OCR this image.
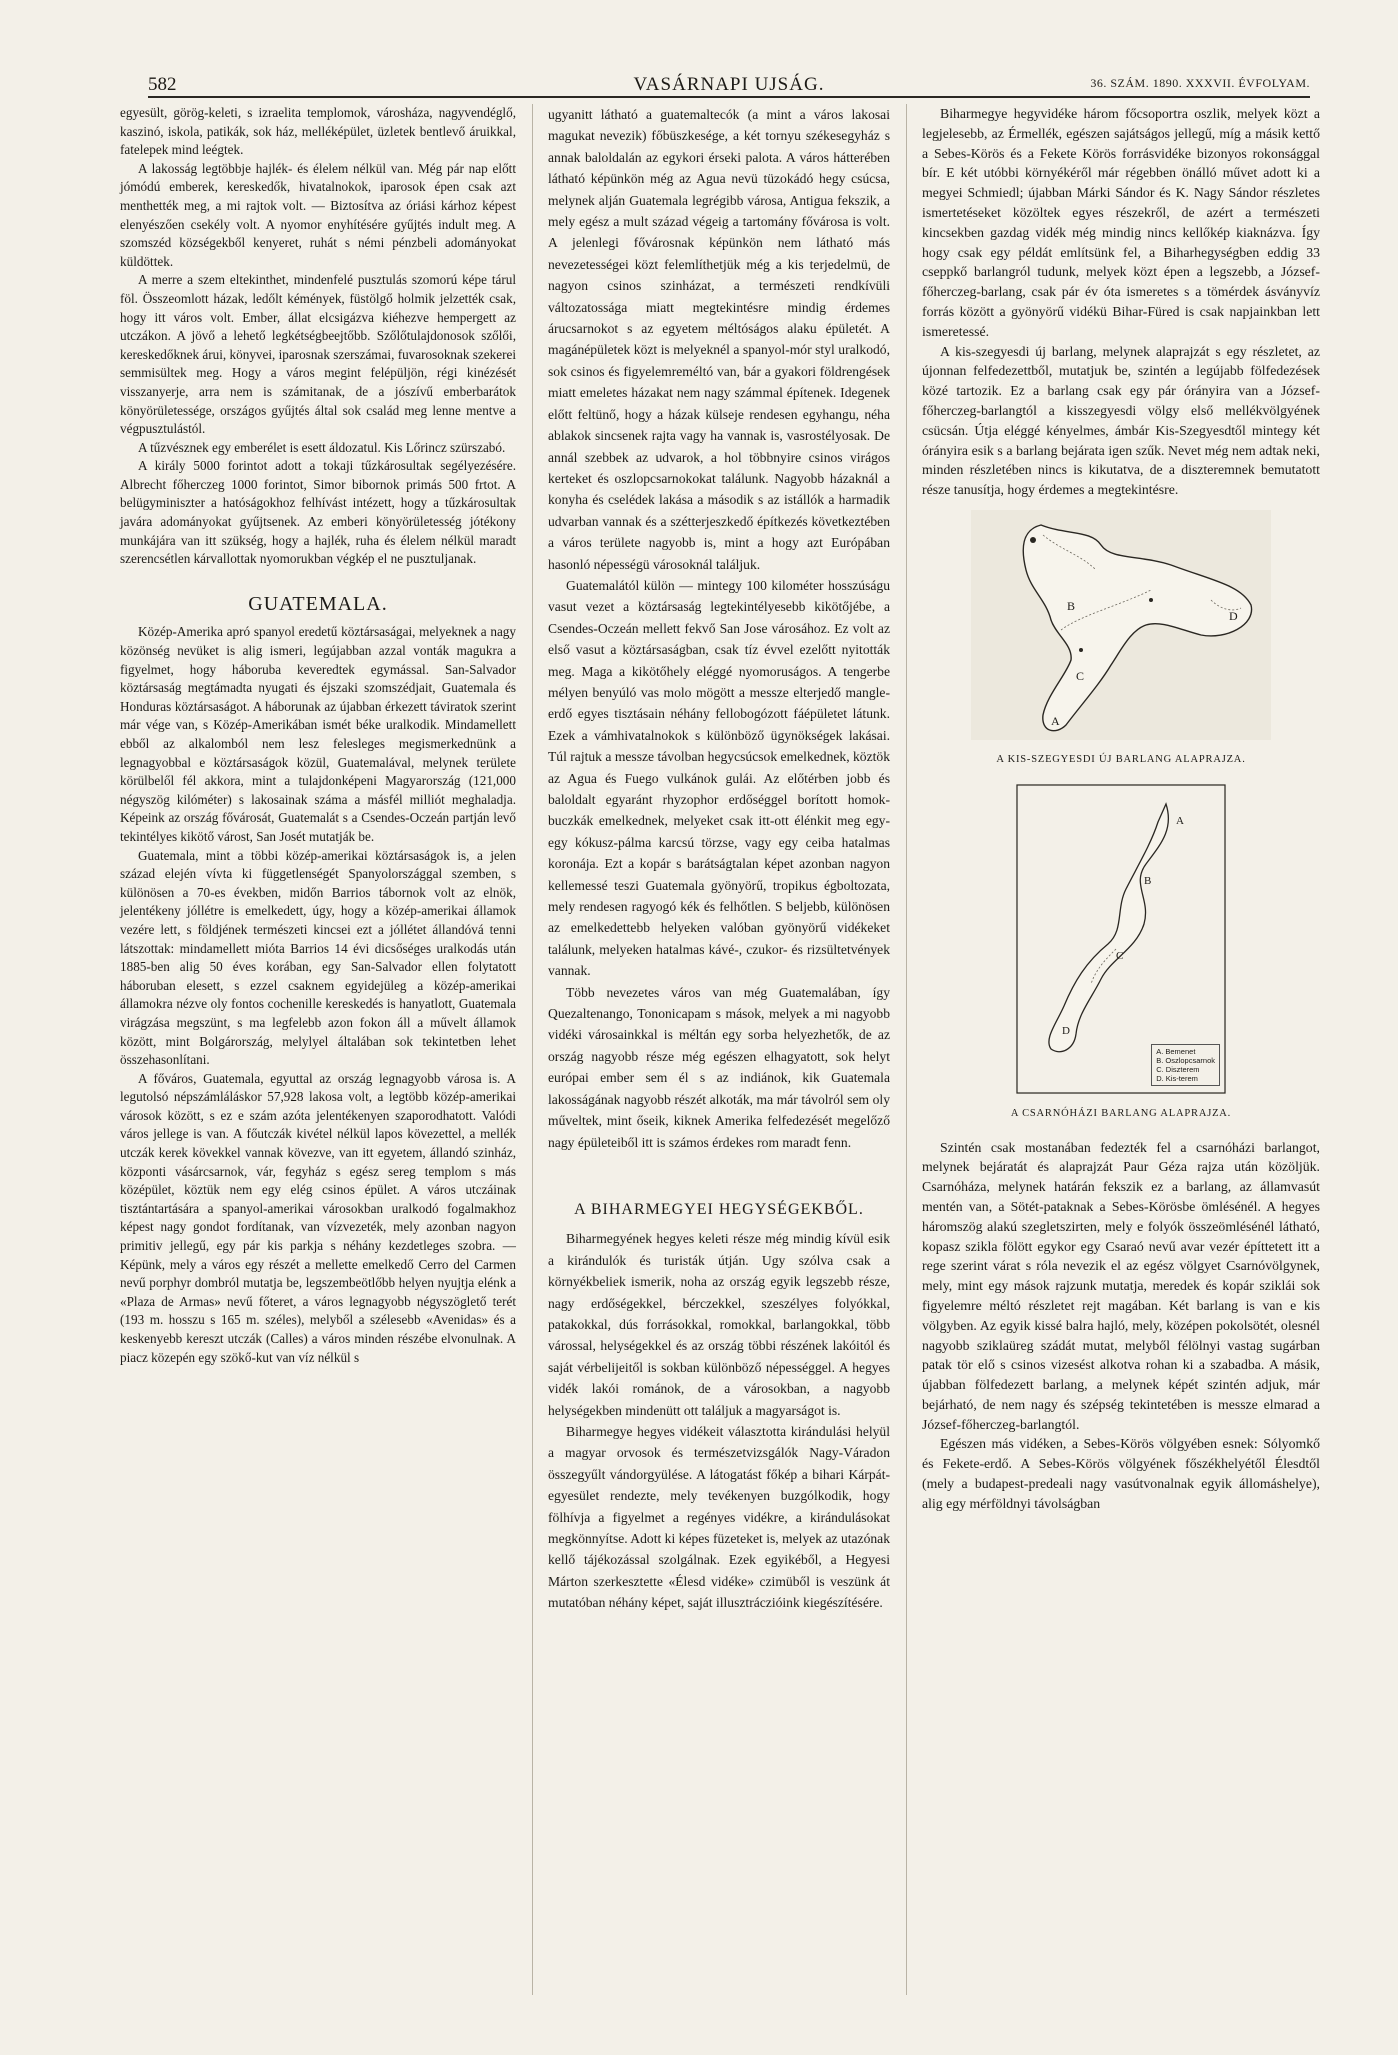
582	VASÁRNAPI UJSÁG.	36. SZÁM. 1890. XXXVII. ÉVFOLYAM.

egyesült, görög-keleti, s izraelita templomok, városháza, nagyvendéglő, kaszinó, iskola, patikák, sok ház, melléképület, üzletek bentlevő áruikkal, fatelepek mind leégtek.

A lakosság legtöbbje hajlék- és élelem nélkül van. Még pár nap előtt jómódú emberek, kereskedők, hivatalnokok, iparosok épen csak azt menthették meg, a mi rajtok volt. — Biztosítva az óriási kárhoz képest elenyészően csekély volt. A nyomor enyhítésére gyűjtés indult meg. A szomszéd községekből kenyeret, ruhát s némi pénzbeli adományokat küldöttek.

A merre a szem eltekinthet, mindenfelé pusztulás szomorú képe tárul föl. Összeomlott házak, ledőlt kémények, füstölgő holmik jelzették csak, hogy itt város volt. Ember, állat elcsigázva kiéhezve hempergett az utczákon. A jövő a lehető legkétségbeejtőbb. Szőlőtulajdonosok szőlői, kereskedőknek árui, könyvei, iparosnak szerszámai, fuvarosoknak szekerei semmisültek meg. Hogy a város megint felépüljön, régi kinézését visszanyerje, arra nem is számitanak, de a jószívű emberbarátok könyörületessége, országos gyűjtés által sok család meg lenne mentve a végpusztulástól.

A tűzvésznek egy emberélet is esett áldozatul. Kis Lőrincz szürszabó.

A király 5000 forintot adott a tokaji tűzkárosultak segélyezésére. Albrecht főherczeg 1000 forintot, Simor bibornok primás 500 frtot. A belügyminiszter a hatóságokhoz felhívást intézett, hogy a tűzkárosultak javára adományokat gyűjtsenek. Az emberi könyörületesség jótékony munkájára van itt szükség, hogy a hajlék, ruha és élelem nélkül maradt szerencsétlen kárvallottak nyomorukban végkép el ne pusztuljanak.

GUATEMALA.

Közép-Amerika apró spanyol eredetű köztársaságai, melyeknek a nagy közönség nevüket is alig ismeri, legújabban azzal vonták magukra a figyelmet, hogy háboruba keveredtek egymással. San-Salvador köztársaság megtámadta nyugati és éjszaki szomszédjait, Guatemala és Honduras köztársaságot. A háborunak az újabban érkezett táviratok szerint már vége van, s Közép-Amerikában ismét béke uralkodik. Mindamellett ebből az alkalomból nem lesz felesleges megismerkednünk a legnagyobbal e köztársaságok közül, Guatemalával, melynek területe körülbelől fél akkora, mint a tulajdonképeni Magyarország (121,000 négyszög kilóméter) s lakosainak száma a másfél milliót meghaladja. Képeink az ország fővárosát, Guatemalát s a Csendes-Oczeán partján levő tekintélyes kikötő várost, San Josét mutatják be.

Guatemala, mint a többi közép-amerikai köztársaságok is, a jelen század elején vívta ki függetlenségét Spanyolországgal szemben, s különösen a 70-es években, midőn Barrios tábornok volt az elnök, jelentékeny jóllétre is emelkedett, úgy, hogy a közép-amerikai államok vezére lett, s földjének természeti kincsei ezt a jóllétet állandóvá tenni látszottak: mindamellett mióta Barrios 14 évi dicsőséges uralkodás után 1885-ben alig 50 éves korában, egy San-Salvador ellen folytatott háboruban elesett, s ezzel csaknem egyidejüleg a közép-amerikai államokra nézve oly fontos cochenille kereskedés is hanyatlott, Guatemala virágzása megszünt, s ma legfelebb azon fokon áll a művelt államok között, mint Bolgárország, melylyel általában sok tekintetben lehet összehasonlítani.

A főváros, Guatemala, egyuttal az ország legnagyobb városa is. A legutolsó népszámláláskor 57,928 lakosa volt, a legtöbb közép-amerikai városok között, s ez e szám azóta jelentékenyen szaporodhatott. Valódi város jellege is van. A főutczák kivétel nélkül lapos kövezettel, a mellék utczák kerek kövekkel vannak kövezve, van itt egyetem, állandó szinház, központi vásárcsarnok, vár, fegyház s egész sereg templom s más középület, köztük nem egy elég csinos épület. A város utczáinak tisztántartására a spanyol-amerikai városokban uralkodó fogalmakhoz képest nagy gondot fordítanak, van vízvezeték, mely azonban nagyon primitiv jellegű, egy pár kis parkja s néhány kezdetleges szobra. — Képünk, mely a város egy részét a mellette emelkedő Cerro del Carmen nevű porphyr dombról mutatja be, legszembeötlőbb helyen nyujtja elénk a «Plaza de Armas» nevű főteret, a város legnagyobb négyszöglető terét (193 m. hosszu s 165 m. széles), melyből a szélesebb «Avenidas» és a keskenyebb kereszt utczák (Calles) a város minden részébe elvonulnak. A piacz közepén egy szökő-kut van víz nélkül s

ugyanitt látható a guatemaltecók (a mint a város lakosai magukat nevezik) főbüszkesége, a két tornyu székesegyház s annak baloldalán az egykori érseki palota. A város hátterében látható képünkön még az Agua nevü tüzokádó hegy csúcsa, melynek alján Guatemala legrégibb városa, Antigua fekszik, a mely egész a mult század végeig a tartomány fővárosa is volt. A jelenlegi fővárosnak képünkön nem látható más nevezetességei közt felemlíthetjük még a kis terjedelmü, de nagyon csinos szinházat, a természeti rendkívüli változatossága miatt megtekintésre mindig érdemes árucsarnokot s az egyetem méltóságos alaku épületét. A magánépületek közt is melyeknél a spanyol-mór styl uralkodó, sok csinos és figyelemreméltó van, bár a gyakori földrengések miatt emeletes házakat nem nagy számmal építenek. Idegenek előtt feltünő, hogy a házak külseje rendesen egyhangu, néha ablakok sincsenek rajta vagy ha vannak is, vasrostélyosak. De annál szebbek az udvarok, a hol többnyire csinos virágos kerteket és oszlopcsarnokokat találunk. Nagyobb házaknál a konyha és cselédek lakása a második s az istállók a harmadik udvarban vannak és a szétterjeszkedő építkezés következtében a város területe nagyobb is, mint a hogy azt Európában hasonló népességü városoknál találjuk.

Guatemalától külön — mintegy 100 kilométer hosszúságu vasut vezet a köztársaság legtekintélyesebb kikötőjébe, a Csendes-Oczeán mellett fekvő San Jose városához. Ez volt az első vasut a köztársaságban, csak tíz évvel ezelőtt nyitották meg. Maga a kikötőhely eléggé nyomoruságos. A tengerbe mélyen benyúló vas molo mögött a messze elterjedő mangle-erdő egyes tisztásain néhány fellobogózott fáépületet látunk. Ezek a vámhivatalnokok s különböző ügynökségek lakásai. Túl rajtuk a messze távolban hegycsúcsok emelkednek, köztök az Agua és Fuego vulkánok gulái. Az előtérben jobb és baloldalt egyaránt rhyzophor erdőséggel borított homok-buczkák emelkednek, melyeket csak itt-ott élénkit meg egy-egy kókusz-pálma karcsú törzse, vagy egy ceiba hatalmas koronája. Ezt a kopár s barátságtalan képet azonban nagyon kellemessé teszi Guatemala gyönyörű, tropikus égboltozata, mely rendesen ragyogó kék és felhőtlen. S beljebb, különösen az emelkedettebb helyeken valóban gyönyörű vidékeket találunk, melyeken hatalmas kávé-, czukor- és rizsültetvények vannak.

Több nevezetes város van még Guatemalában, így Quezaltenango, Tononicapam s mások, melyek a mi nagyobb vidéki városainkkal is méltán egy sorba helyezhetők, de az ország nagyobb része még egészen elhagyatott, sok helyt európai ember sem él s az indiánok, kik Guatemala lakosságának nagyobb részét alkoták, ma már távolról sem oly műveltek, mint őseik, kiknek Amerika felfedezését megelőző nagy épületeiből itt is számos érdekes rom maradt fenn.

A BIHARMEGYEI HEGYSÉGEKBŐL.

Biharmegyének hegyes keleti része még mindig kívül esik a kirándulók és turisták útján. Ugy szólva csak a környékbeliek ismerik, noha az ország egyik legszebb része, nagy erdőségekkel, bérczekkel, szeszélyes folyókkal, patakokkal, dús forrásokkal, romokkal, barlangokkal, több várossal, helységekkel és az ország többi részének lakóitól és saját vérbelijeitől is sokban különböző népességgel. A hegyes vidék lakói románok, de a városokban, a nagyobb helységekben mindenütt ott találjuk a magyarságot is.

Biharmegye hegyes vidékeit választotta kirándulási helyül a magyar orvosok és természetvizsgálók Nagy-Váradon összegyűlt vándorgyülése. A látogatást főkép a bihari Kárpát-egyesület rendezte, mely tevékenyen buzgólkodik, hogy fölhívja a figyelmet a regényes vidékre, a kirándulásokat megkönnyítse. Adott ki képes füzeteket is, melyek az utazónak kellő tájékozással szolgálnak. Ezek egyikéből, a Hegyesi Márton szerkesztette «Élesd vidéke» czimüből is veszünk át mutatóban néhány képet, saját illusztráczióink kiegészítésére.

Biharmegye hegyvidéke három főcsoportra oszlik, melyek közt a legjelesebb, az Érmellék, egészen sajátságos jellegű, míg a másik kettő a Sebes-Körös és a Fekete Körös forrásvidéke bizonyos rokonsággal bír. E két utóbbi környékéről már régebben önálló művet adott ki a megyei Schmiedl; újabban Márki Sándor és K. Nagy Sándor részletes ismertetéseket közöltek egyes részekről, de azért a természeti kincsekben gazdag vidék még mindig nincs kellőkép kiaknázva. Így hogy csak egy példát említsünk fel, a Biharhegységben eddig 33 cseppkő barlangról tudunk, melyek közt épen a legszebb, a József-főherczeg-barlang, csak pár év óta ismeretes s a tömérdek ásványvíz forrás között a gyönyörű vidékü Bihar-Füred is csak napjainkban lett ismeretessé.

A kis-szegyesdi új barlang, melynek alaprajzát s egy részletet, az újonnan felfedezettből, mutatjuk be, szintén a legújabb fölfedezések közé tartozik. Ez a barlang csak egy pár órányira van a József-főherczeg-barlangtól a kisszegyesdi völgy első mellékvölgyének csücsán. Útja eléggé kényelmes, ámbár Kis-Szegyesdtől mintegy két órányira esik s a barlang bejárata igen szűk. Nevet még nem adtak neki, minden részletében nincs is kikutatva, de a diszteremnek bemutatott része tanusítja, hogy érdemes a megtekintésre.

D
B
C
A
A KIS-SZEGYESDI ÚJ BARLANG ALAPRAJZA.
A
B
C
D
A. Bemenet
B. Oszlopcsarnok
C. Diszterem
D. Kis-terem
A CSARNÓHÁZI BARLANG ALAPRAJZA.

Szintén csak mostanában fedezték fel a csarnóházi barlangot, melynek bejáratát és alaprajzát Paur Géza rajza után közöljük. Csarnóháza, melynek határán fekszik ez a barlang, az államvasút mentén van, a Sötét-pataknak a Sebes-Körösbe ömlésénél. A hegyes háromszög alakú szegletszirten, mely e folyók összeömlésénél látható, kopasz szikla fölött egykor egy Csaraó nevű avar vezér építtetett itt a rege szerint várat s róla nevezik el az egész völgyet Csarnóvölgynek, mely, mint egy mások rajzunk mutatja, meredek és kopár sziklái sok figyelemre méltó részletet rejt magában. Két barlang is van e kis völgyben. Az egyik kissé balra hajló, mely, középen pokolsötét, olesnél nagyobb sziklaüreg szádát mutat, melyből félölnyi vastag sugárban patak tör elő s csinos vizesést alkotva rohan ki a szabadba. A másik, újabban fölfedezett barlang, a melynek képét szintén adjuk, már bejárható, de nem nagy és szépség tekintetében is messze elmarad a József-főherczeg-barlangtól.

Egészen más vidéken, a Sebes-Körös völgyében esnek: Sólyomkő és Fekete-erdő. A Sebes-Körös völgyének főszékhelyétől Élesdtől (mely a budapest-predeali nagy vasútvonalnak egyik állomáshelye), alig egy mérföldnyi távolságban
